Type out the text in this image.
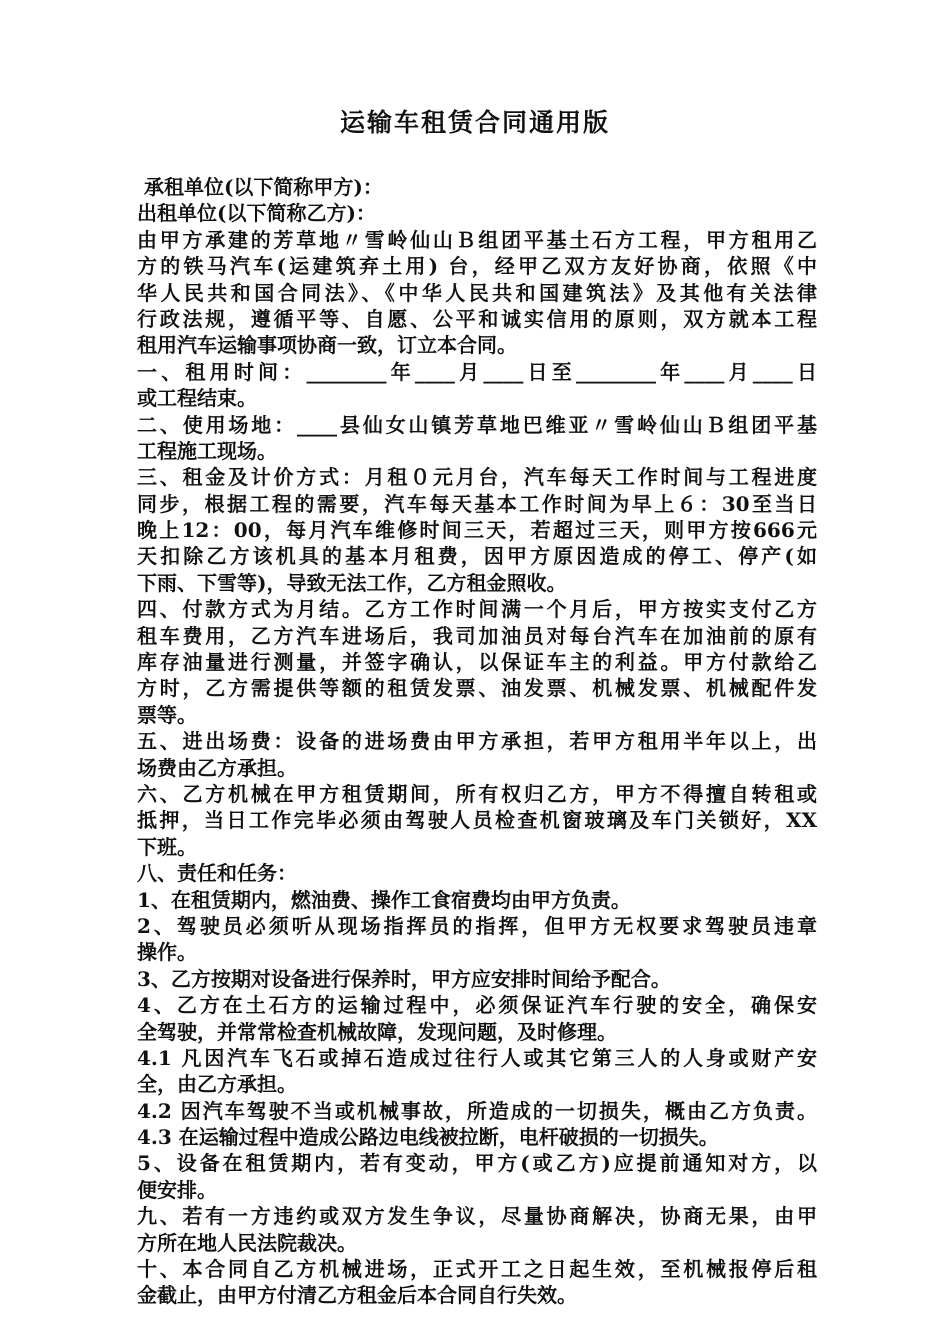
运输车租赁合同通用版
承租单位(以下简称甲方)：
出租单位(以下简称乙方)：
由甲方承建的芳草地〃雪岭仙山Ｂ组团平基土石方工程，甲方租用乙
方的铁马汽车(运建筑弃土用) 台，经甲乙双方友好协商，依照《中
华人民共和国合同法》、《中华人民共和国建筑法》及其他有关法律
行政法规，遵循平等、自愿、公平和诚实信用的原则，双方就本工程
租用汽车运输事项协商一致，订立本合同。
一、租用时间：________年____月____日至________年____月____日
或工程结束。
二、使用场地：____县仙女山镇芳草地巴维亚〃雪岭仙山Ｂ组团平基
工程施工现场。
三、租金及计价方式：月租０元月台，汽车每天工作时间与工程进度
同步，根据工程的需要，汽车每天基本工作时间为早上６：30至当日
晚上12：00，每月汽车维修时间三天，若超过三天，则甲方按666元
天扣除乙方该机具的基本月租费，因甲方原因造成的停工、停产(如
下雨、下雪等)，导致无法工作，乙方租金照收。
四、付款方式为月结。乙方工作时间满一个月后，甲方按实支付乙方
租车费用，乙方汽车进场后，我司加油员对每台汽车在加油前的原有
库存油量进行测量，并签字确认，以保证车主的利益。甲方付款给乙
方时，乙方需提供等额的租赁发票、油发票、机械发票、机械配件发
票等。
五、进出场费：设备的进场费由甲方承担，若甲方租用半年以上，出
场费由乙方承担。
六、乙方机械在甲方租赁期间，所有权归乙方，甲方不得擅自转租或
抵押，当日工作完毕必须由驾驶人员检查机窗玻璃及车门关锁好，XX
下班。
八、责任和任务：
1、在租赁期内，燃油费、操作工食宿费均由甲方负责。
2、驾驶员必须听从现场指挥员的指挥，但甲方无权要求驾驶员违章
操作。
3、乙方按期对设备进行保养时，甲方应安排时间给予配合。
4、乙方在土石方的运输过程中，必须保证汽车行驶的安全，确保安
全驾驶，并常常检查机械故障，发现问题，及时修理。
4.1 凡因汽车飞石或掉石造成过往行人或其它第三人的人身或财产安
全，由乙方承担。
4.2 因汽车驾驶不当或机械事故，所造成的一切损失，概由乙方负责。
4.3 在运输过程中造成公路边电线被拉断，电杆破损的一切损失。
5、设备在租赁期内，若有变动，甲方(或乙方)应提前通知对方，以
便安排。
九、若有一方违约或双方发生争议，尽量协商解决，协商无果，由甲
方所在地人民法院裁决。
十、本合同自乙方机械进场，正式开工之日起生效，至机械报停后租
金截止，由甲方付清乙方租金后本合同自行失效。
